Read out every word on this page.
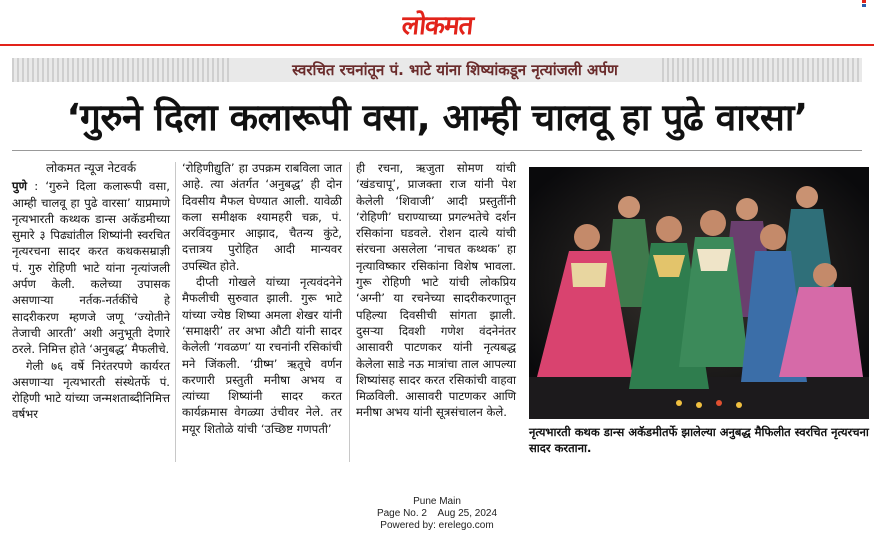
लोकमत
स्वरचित रचनांतून पं. भाटे यांना शिष्यांकडून नृत्यांजली अर्पण
‘गुरुने दिला कलारूपी वसा, आम्ही चालवू हा पुढे वारसा’
लोकमत न्यूज नेटवर्क

पुणे : ‘गुरुने दिला कलारूपी वसा, आम्ही चालवू हा पुढे वारसा’ याप्रमाणे नृत्यभारती कथ्थक डान्स अकॅडमीच्या सुमारे ३ पिढ्यांतील शिष्यांनी स्वरचित नृत्यरचना सादर करत कथकसम्राज्ञी पं. गुरु रोहिणी भाटे यांना नृत्यांजली अर्पण केली. कलेच्या उपासक असणाऱ्या नर्तक-नर्तकींचे हे सादरीकरण म्हणजे जणू ‘ज्योतीने तेजाची आरती’ अशी अनुभूती देणारे ठरले. निमित्त होते ‘अनुबद्ध’ मैफलीचे.

गेली ७६ वर्षे निरंतरपणे कार्यरत असणाऱ्या नृत्यभारती संस्थेतर्फे पं. रोहिणी भाटे यांच्या जन्मशताब्दीनिमित्त वर्षभर

‘रोहिणीद्युति’ हा उपक्रम राबविला जात आहे. त्या अंतर्गत ‘अनुबद्ध’ ही दोन दिवसीय मैफल घेण्यात आली. यावेळी कला समीक्षक श्यामहरी चक्र, पं. अरविंदकुमार आझाद, चैतन्य कुंटे, दत्तात्रय पुरोहित आदी मान्यवर उपस्थित होते.

दीप्ती गोखले यांच्या नृत्यवंदनेने मैफलीची सुरुवात झाली. गुरू भाटे यांच्या ज्येष्ठ शिष्या अमला शेखर यांनी ‘समाक्षरी’ तर अभा औटी यांनी सादर केलेली ‘गवळण’ या रचनांनी रसिकांची मने जिंकली. ‘ग्रीष्म’ ऋतूचे वर्णन करणारी प्रस्तुती मनीषा अभय व त्यांच्या शिष्यांनी सादर करत कार्यक्रमास वेगळ्या उंचीवर नेले. तर मयूर शितोळे यांची ‘उच्छिष्ट गणपती’

ही रचना, ऋजुता सोमण यांची ‘खंडचापू’, प्राजक्ता राज यांनी पेश केलेली ‘शिवाजी’ आदी प्रस्तुतींनी ‘रोहिणी’ घराण्याच्या प्रगल्भतेचे दर्शन रसिकांना घडवले. रोशन दात्ये यांची संरचना असलेला ‘नाचत कथ्थक’ हा नृत्याविष्कार रसिकांना विशेष भावला. गुरू रोहिणी भाटे यांची लोकप्रिय ‘अग्नी’ या रचनेच्या सादरीकरणातून पहिल्या दिवसीची सांगता झाली. दुसऱ्या दिवशी गणेश वंदनेनंतर आसावरी पाटणकर यांनी नृत्यबद्ध केलेला साडे नऊ मात्रांचा ताल आपल्या शिष्यांसह सादर करत रसिकांची वाहवा मिळविली. आसावरी पाटणकर आणि मनीषा अभय यांनी सूत्रसंचालन केले.

नृत्यभारती कथक डान्स अकॅडमीतर्फे झालेल्या अनुबद्ध मैफिलीत स्वरचित नृत्यरचना सादर करताना.
Pune Main
Page No. 2    Aug 25, 2024
Powered by: erelego.com
